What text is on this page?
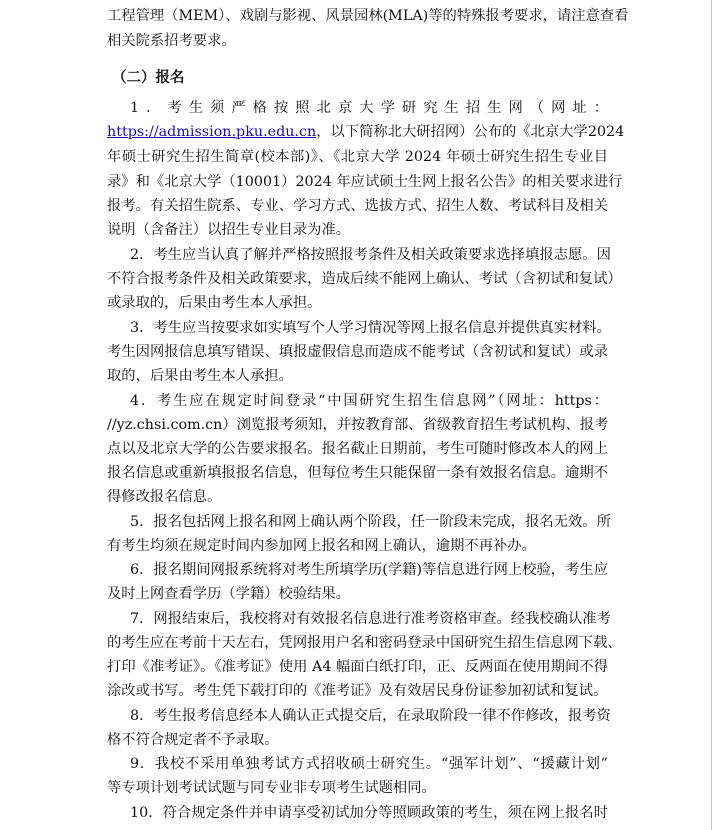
工程管理（MEM）、戏剧与影视、风景园林(MLA)等的特殊报考要求，请注意查看
相关院系招考要求。
（二）报名
1．考生须严格按照北京大学研究生招生网（网址：
https://admission.pku.edu.cn，以下简称北大研招网）公布的《北京大学2024
年硕士研究生招生简章(校本部)》、《北京大学 2024 年硕士研究生招生专业目
录》和《北京大学（10001）2024 年应试硕士生网上报名公告》的相关要求进行
报考。有关招生院系、专业、学习方式、选拔方式、招生人数、考试科目及相关
说明（含备注）以招生专业目录为准。
2．考生应当认真了解并严格按照报考条件及相关政策要求选择填报志愿。因
不符合报考条件及相关政策要求，造成后续不能网上确认、考试（含初试和复试）
或录取的，后果由考生本人承担。
3．考生应当按要求如实填写个人学习情况等网上报名信息并提供真实材料。
考生因网报信息填写错误、填报虚假信息而造成不能考试（含初试和复试）或录
取的，后果由考生本人承担。
4．考生应在规定时间登录“中国研究生招生信息网”（网址：https：
//yz.chsi.com.cn）浏览报考须知，并按教育部、省级教育招生考试机构、报考
点以及北京大学的公告要求报名。报名截止日期前，考生可随时修改本人的网上
报名信息或重新填报报名信息，但每位考生只能保留一条有效报名信息。逾期不
得修改报名信息。
5．报名包括网上报名和网上确认两个阶段，任一阶段未完成，报名无效。所
有考生均须在规定时间内参加网上报名和网上确认，逾期不再补办。
6．报名期间网报系统将对考生所填学历(学籍)等信息进行网上校验，考生应
及时上网查看学历（学籍）校验结果。
7．网报结束后，我校将对有效报名信息进行准考资格审查。经我校确认准考
的考生应在考前十天左右，凭网报用户名和密码登录中国研究生招生信息网下载、
打印《准考证》。《准考证》使用 A4 幅面白纸打印，正、反两面在使用期间不得
涂改或书写。考生凭下载打印的《准考证》及有效居民身份证参加初试和复试。
8．考生报考信息经本人确认正式提交后，在录取阶段一律不作修改，报考资
格不符合规定者不予录取。
9．我校不采用单独考试方式招收硕士研究生。“强军计划”、“援藏计划”
等专项计划考试试题与同专业非专项考生试题相同。
10．符合规定条件并申请享受初试加分等照顾政策的考生，须在网上报名时
